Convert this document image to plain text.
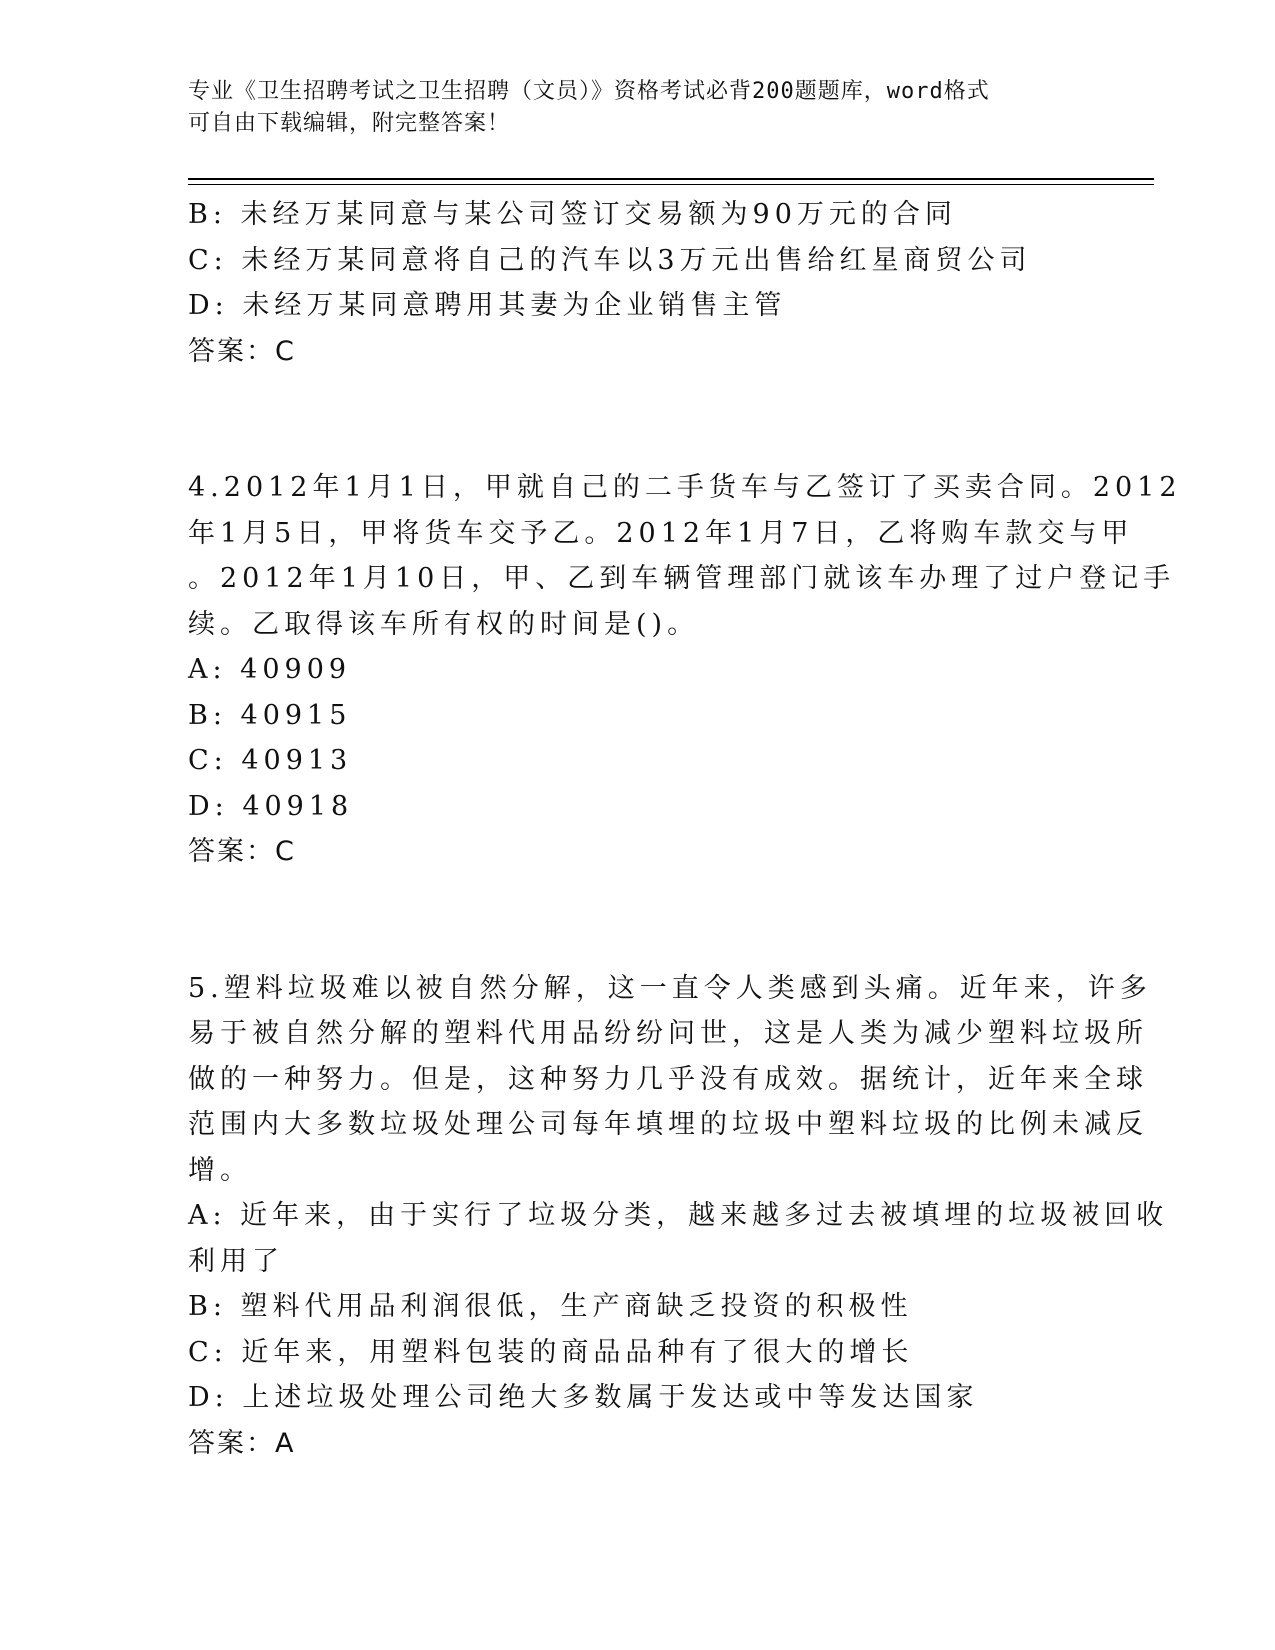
专业《卫生招聘考试之卫生招聘（文员）》资格考试必背200题题库，word格式
可自由下载编辑，附完整答案！
B: 未经万某同意与某公司签订交易额为90万元的合同
C: 未经万某同意将自己的汽车以3万元出售给红星商贸公司
D: 未经万某同意聘用其妻为企业销售主管
答案：C
4.2012年1月1日，甲就自己的二手货车与乙签订了买卖合同。2012
年1月5日，甲将货车交予乙。2012年1月7日，乙将购车款交与甲
。2012年1月10日，甲、乙到车辆管理部门就该车办理了过户登记手
续。乙取得该车所有权的时间是()。
A: 40909
B: 40915
C: 40913
D: 40918
答案：C
5.塑料垃圾难以被自然分解，这一直令人类感到头痛。近年来，许多
易于被自然分解的塑料代用品纷纷问世，这是人类为减少塑料垃圾所
做的一种努力。但是，这种努力几乎没有成效。据统计，近年来全球
范围内大多数垃圾处理公司每年填埋的垃圾中塑料垃圾的比例未减反
增。
A: 近年来，由于实行了垃圾分类，越来越多过去被填埋的垃圾被回收
利用了
B: 塑料代用品利润很低，生产商缺乏投资的积极性
C: 近年来，用塑料包装的商品品种有了很大的增长
D: 上述垃圾处理公司绝大多数属于发达或中等发达国家
答案：A
